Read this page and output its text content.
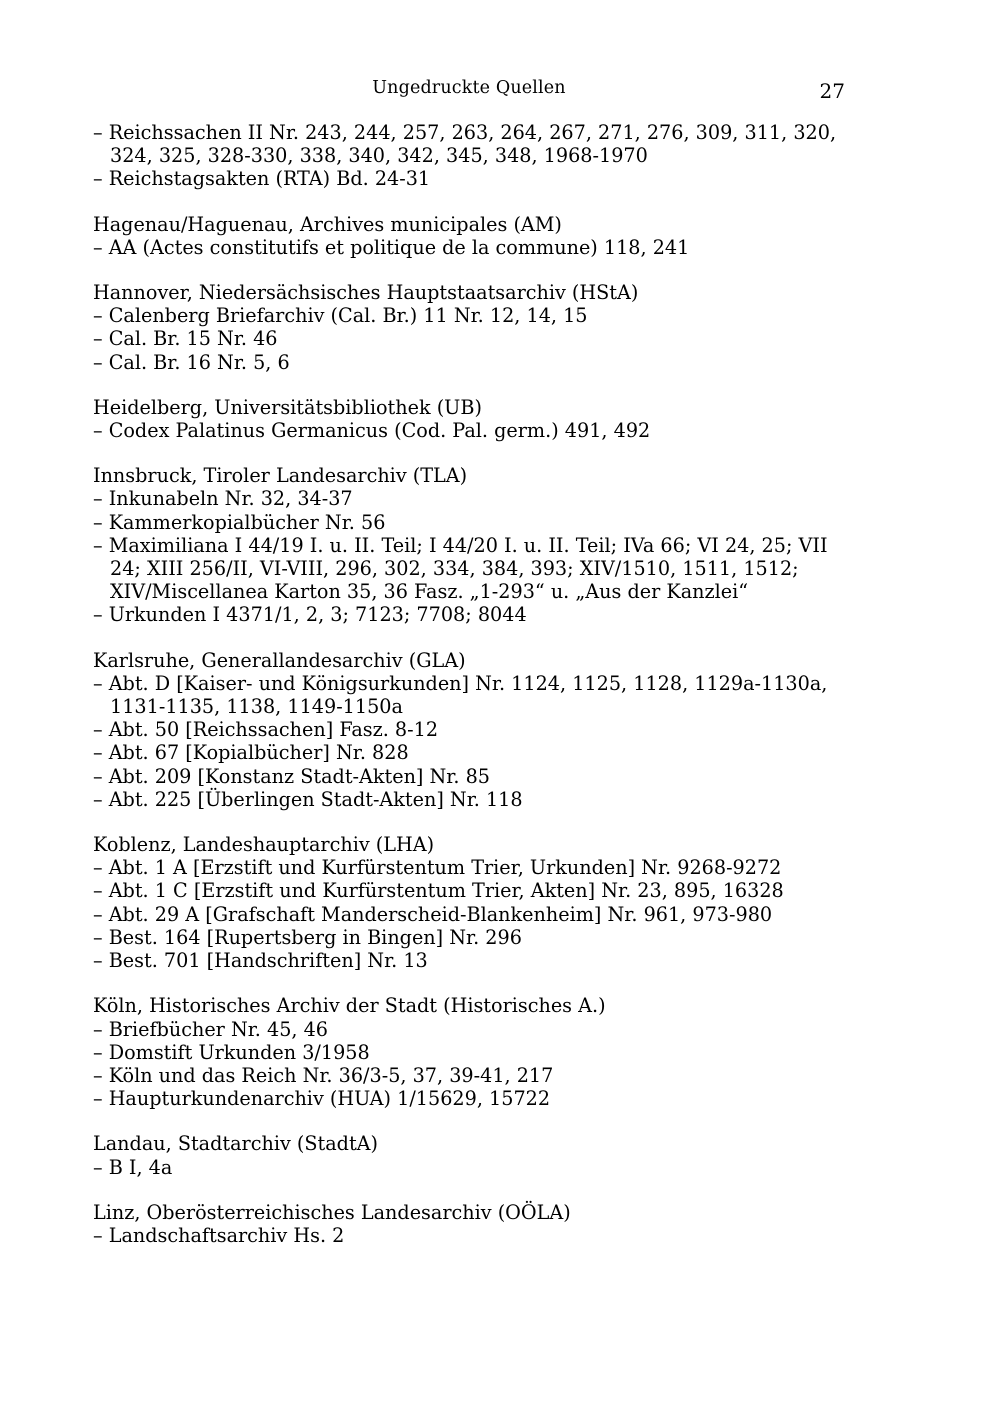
Ungedruckte Quellen	27

– Reichssachen II Nr. 243, 244, 257, 263, 264, 267, 271, 276, 309, 311, 320, 324, 325, 328-330, 338, 340, 342, 345, 348, 1968-1970

– Reichstagsakten (RTA) Bd. 24-31

Hagenau/Haguenau, Archives municipales (AM)

– AA (Actes constitutifs et politique de la commune) 118, 241

Hannover, Niedersächsisches Hauptstaatsarchiv (HStA)

– Calenberg Briefarchiv (Cal. Br.) 11 Nr. 12, 14, 15

– Cal. Br. 15 Nr. 46

– Cal. Br. 16 Nr. 5, 6

Heidelberg, Universitätsbibliothek (UB)

– Codex Palatinus Germanicus (Cod. Pal. germ.) 491, 492

Innsbruck, Tiroler Landesarchiv (TLA)

– Inkunabeln Nr. 32, 34-37

– Kammerkopialbücher Nr. 56

– Maximiliana I 44/19 I. u. II. Teil; I 44/20 I. u. II. Teil; IVa 66; VI 24, 25; VII 24; XIII 256/II, VI-VIII, 296, 302, 334, 384, 393; XIV/1510, 1511, 1512; XIV/Miscellanea Karton 35, 36 Fasz. „1-293“ u. „Aus der Kanzlei“

– Urkunden I 4371/1, 2, 3; 7123; 7708; 8044

Karlsruhe, Generallandesarchiv (GLA)

– Abt. D [Kaiser- und Königsurkunden] Nr. 1124, 1125, 1128, 1129a-1130a, 1131-1135, 1138, 1149-1150a

– Abt. 50 [Reichssachen] Fasz. 8-12

– Abt. 67 [Kopialbücher] Nr. 828

– Abt. 209 [Konstanz Stadt-Akten] Nr. 85

– Abt. 225 [Überlingen Stadt-Akten] Nr. 118

Koblenz, Landeshauptarchiv (LHA)

– Abt. 1 A [Erzstift und Kurfürstentum Trier, Urkunden] Nr. 9268-9272

– Abt. 1 C [Erzstift und Kurfürstentum Trier, Akten] Nr. 23, 895, 16328

– Abt. 29 A [Grafschaft Manderscheid-Blankenheim] Nr. 961, 973-980

– Best. 164 [Rupertsberg in Bingen] Nr. 296

– Best. 701 [Handschriften] Nr. 13

Köln, Historisches Archiv der Stadt (Historisches A.)

– Briefbücher Nr. 45, 46

– Domstift Urkunden 3/1958

– Köln und das Reich Nr. 36/3-5, 37, 39-41, 217

– Haupturkundenarchiv (HUA) 1/15629, 15722

Landau, Stadtarchiv (StadtA)

– B I, 4a

Linz, Oberösterreichisches Landesarchiv (OÖLA)

– Landschaftsarchiv Hs. 2
